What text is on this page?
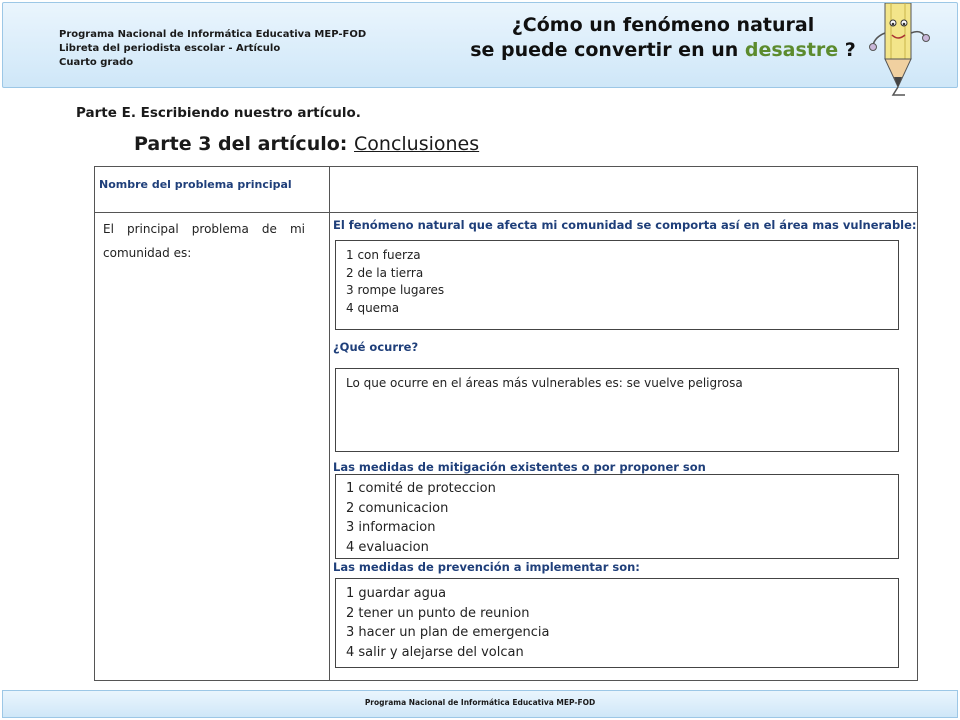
Programa Nacional de Informática Educativa MEP-FOD
Libreta del periodista escolar - Artículo
Cuarto grado
¿Cómo un fenómeno natural
se puede convertir en un desastre ?
Parte E. Escribiendo nuestro artículo.
Parte 3 del artículo: Conclusiones
Nombre del problema principal
El principal problema de mi comunidad es:
El fenómeno natural que afecta mi comunidad se comporta así en el área mas vulnerable:
1 con fuerza
2 de la tierra
3 rompe lugares
4 quema
¿Qué ocurre?
Lo que ocurre en el áreas más vulnerables es: se vuelve peligrosa
Las medidas de mitigación existentes o por proponer son
1 comité de proteccion
2 comunicacion
3 informacion
4 evaluacion
Las medidas de prevención a implementar son:
1 guardar agua
2 tener un punto de reunion
3 hacer un plan de emergencia
4 salir y alejarse del volcan
Programa Nacional de Informática Educativa MEP-FOD
